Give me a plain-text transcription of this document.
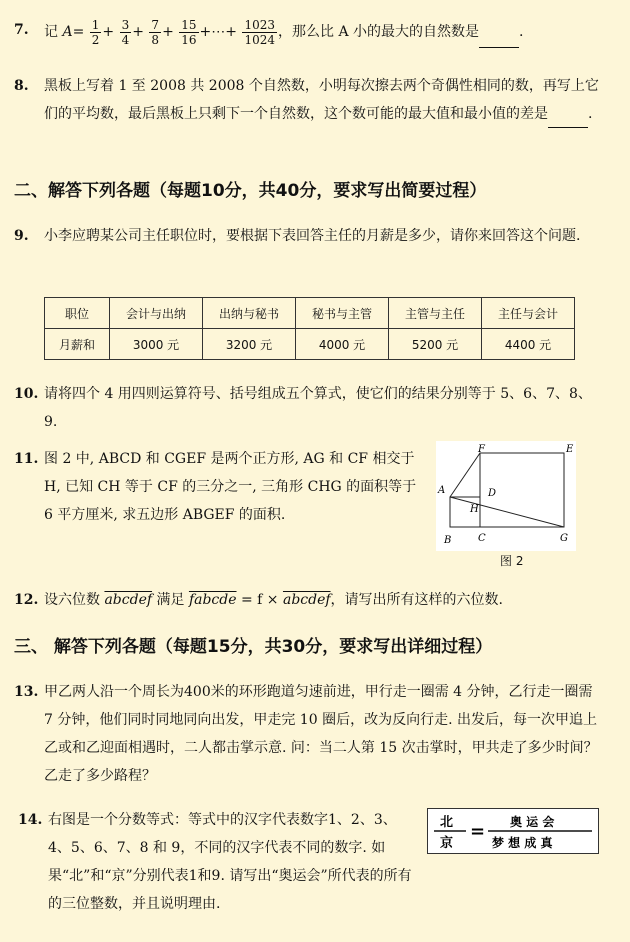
7. 记 $A= \frac{1}{2} + \frac{3}{4} + \frac{7}{8} + \frac{15}{16}$ +⋯+ $\frac{1023}{1024}$ ，那么比 A 小的最大的自然数是	.
8. 黑板上写着 1 至 2008 共 2008 个自然数，小明每次擦去两个奇偶性相同的数，再写上它们的平均数，最后黑板上只剩下一个自然数，这个数可能的最大值和最小值的差是	.
二、解答下列各题（每题10分，共40分，要求写出简要过程）
9. 小李应聘某公司主任职位时，要根据下表回答主任的月薪是多少，请你来回答这个问题.
职位	会计与出纳	出纳与秘书	秘书与主管	主管与主任	主任与会计
月薪和	3000 元	3200 元	4000 元	5200 元	4400 元
10. 请将四个 4 用四则运算符号、括号组成五个算式，使它们的结果分别等于 5、6、7、8、9.
11. 图 2 中, ABCD 和 CGEF 是两个正方形, AG 和 CF 相交于 H, 已知 CH 等于 CF 的三分之一, 三角形 CHG 的面积等于 6 平方厘米, 求五边形 ABGEF 的面积.
F	E
A	D
H
B	C	G
图 2
12. 设六位数 abcdef 满足 fabcde = f × abcdef，请写出所有这样的六位数.
三、 解答下列各题（每题15分，共30分，要求写出详细过程）
13. 甲乙两人沿一个周长为400米的环形跑道匀速前进，甲行走一圈需 4 分钟，乙行走一圈需 7 分钟，他们同时同地同向出发，甲走完 10 圈后，改为反向行走. 出发后，每一次甲追上乙或和乙迎面相遇时，二人都击掌示意. 问：当二人第 15 次击掌时，甲共走了多少时间？乙走了多少路程？
14. 右图是一个分数等式：等式中的汉字代表数字1、2、3、4、5、6、7、8 和 9，不同的汉字代表不同的数字. 如果“北”和“京”分别代表1和9. 请写出“奥运会”所代表的所有的三位整数，并且说明理由.
北
京
= 奥 运 会
梦 想 成 真
